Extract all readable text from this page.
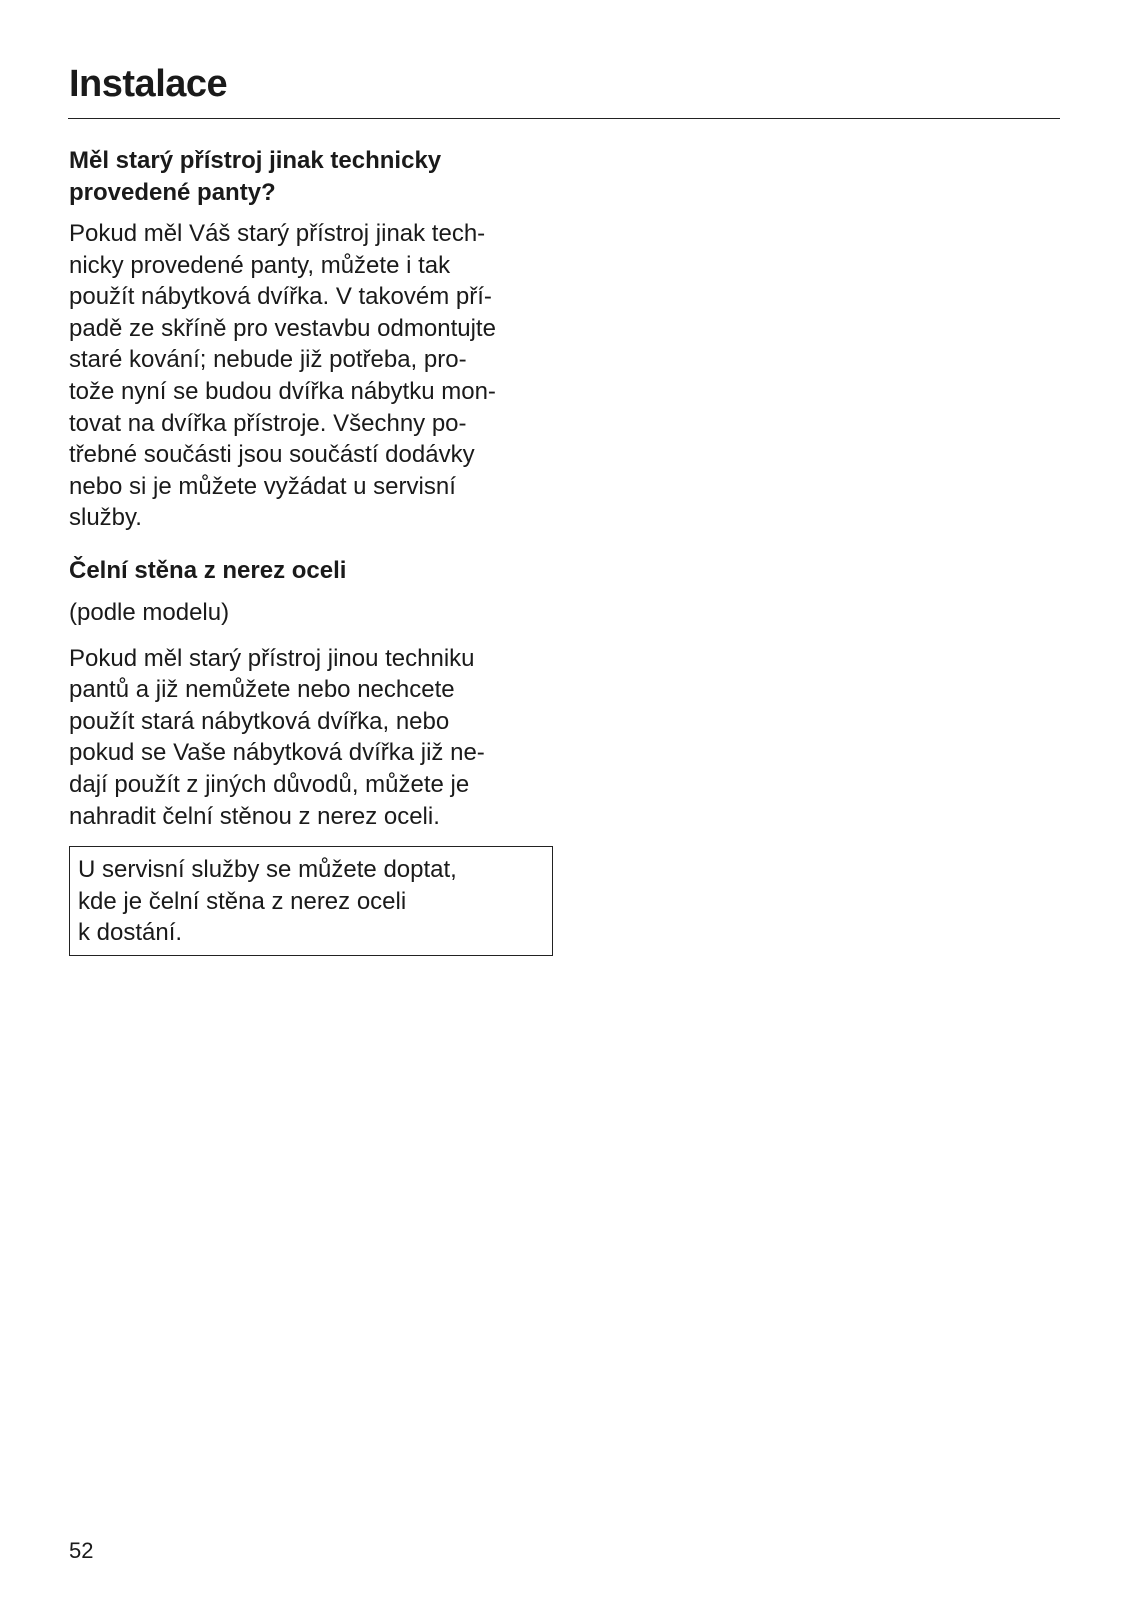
Instalace
Měl starý přístroj jinak technicky
provedené panty?

Pokud měl Váš starý přístroj jinak tech-
nicky provedené panty, můžete i tak
použít nábytková dvířka. V takovém pří-
padě ze skříně pro vestavbu odmontujte
staré kování; nebude již potřeba, pro-
tože nyní se budou dvířka nábytku mon-
tovat na dvířka přístroje. Všechny po-
třebné součásti jsou součástí dodávky
nebo si je můžete vyžádat u servisní
služby.

Čelní stěna z nerez oceli

(podle modelu)

Pokud měl starý přístroj jinou techniku
pantů a již nemůžete nebo nechcete
použít stará nábytková dvířka, nebo
pokud se Vaše nábytková dvířka již ne-
dají použít z jiných důvodů, můžete je
nahradit čelní stěnou z nerez oceli.

U servisní služby se můžete doptat,
kde je čelní stěna z nerez oceli
k dostání.

52
